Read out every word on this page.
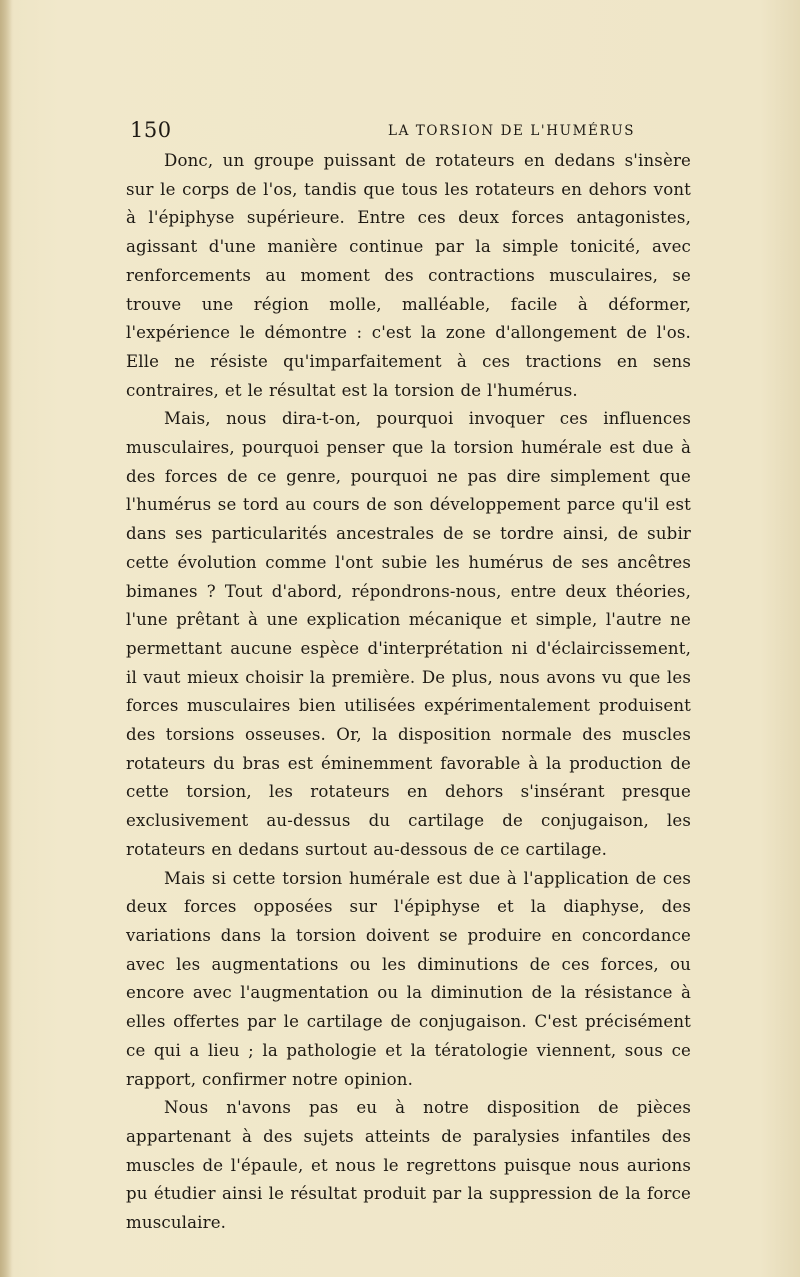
150	LA TORSION DE L'HUMÉRUS

Donc, un groupe puissant de rotateurs en dedans s'insère sur le corps de l'os, tandis que tous les rotateurs en dehors vont à l'épiphyse supérieure. Entre ces deux forces antagonistes, agissant d'une manière continue par la simple tonicité, avec renforcements au moment des contractions musculaires, se trouve une région molle, malléable, facile à déformer, l'expérience le démontre : c'est la zone d'allongement de l'os. Elle ne résiste qu'imparfaitement à ces tractions en sens contraires, et le résultat est la torsion de l'humérus.

Mais, nous dira-t-on, pourquoi invoquer ces influences musculaires, pourquoi penser que la torsion humérale est due à des forces de ce genre, pourquoi ne pas dire simplement que l'humérus se tord au cours de son développement parce qu'il est dans ses particularités ancestrales de se tordre ainsi, de subir cette évolution comme l'ont subie les humérus de ses ancêtres bimanes ? Tout d'abord, répondrons-nous, entre deux théories, l'une prêtant à une explication mécanique et simple, l'autre ne permettant aucune espèce d'interprétation ni d'éclaircissement, il vaut mieux choisir la première. De plus, nous avons vu que les forces musculaires bien utilisées expérimentalement produisent des torsions osseuses. Or, la disposition normale des muscles rotateurs du bras est éminemment favorable à la production de cette torsion, les rotateurs en dehors s'insérant presque exclusivement au-dessus du cartilage de conjugaison, les rotateurs en dedans surtout au-dessous de ce cartilage.

Mais si cette torsion humérale est due à l'application de ces deux forces opposées sur l'épiphyse et la diaphyse, des variations dans la torsion doivent se produire en concordance avec les augmentations ou les diminutions de ces forces, ou encore avec l'augmentation ou la diminution de la résistance à elles offertes par le cartilage de conjugaison. C'est précisément ce qui a lieu ; la pathologie et la tératologie viennent, sous ce rapport, confirmer notre opinion.

Nous n'avons pas eu à notre disposition de pièces appartenant à des sujets atteints de paralysies infantiles des muscles de l'épaule, et nous le regrettons puisque nous aurions pu étudier ainsi le résultat produit par la suppression de la force musculaire.
